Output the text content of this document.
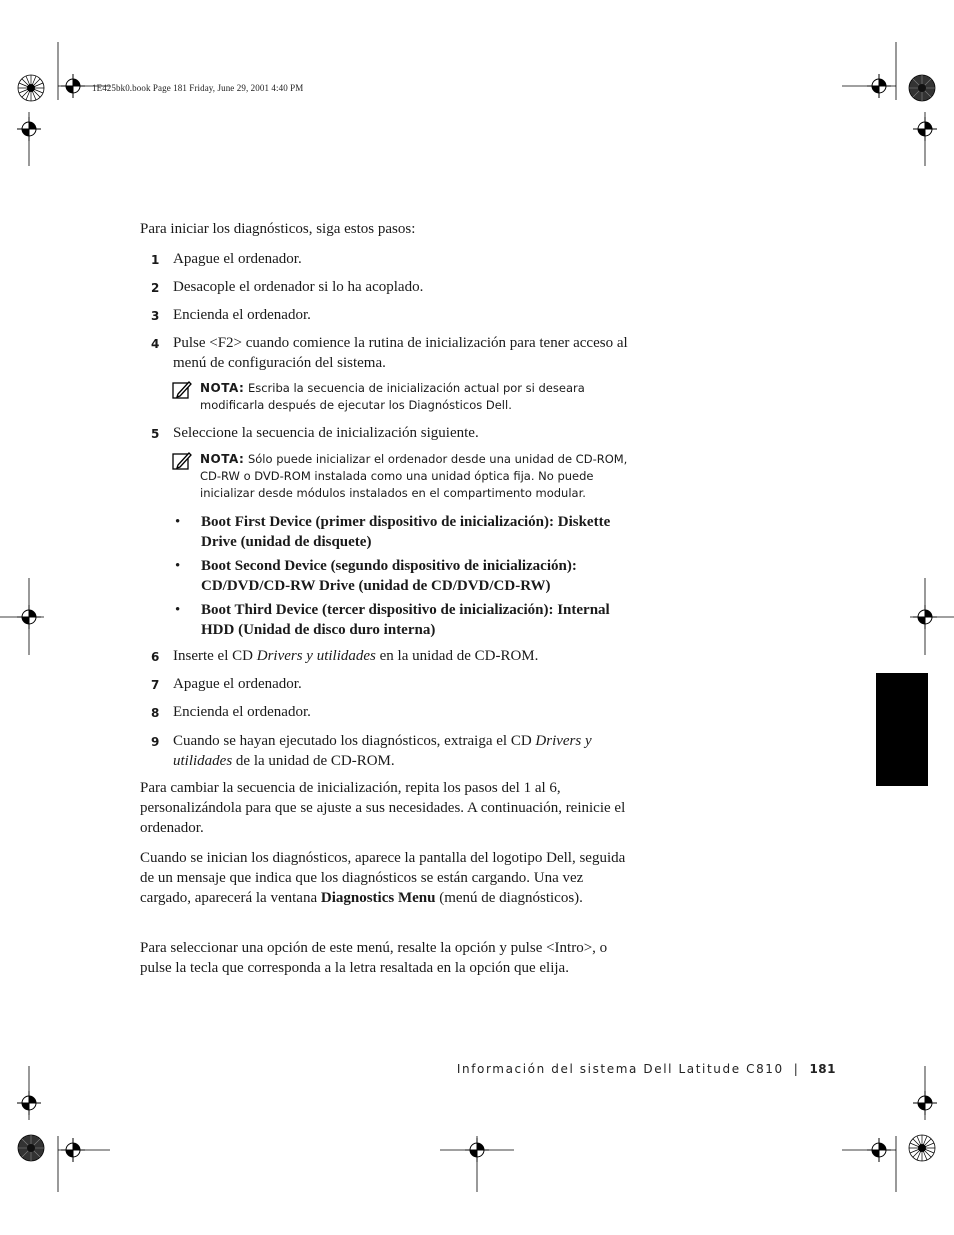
1E425bk0.book Page 181 Friday, June 29, 2001 4:40 PM
Para iniciar los diagnósticos, siga estos pasos:
1 Apague el ordenador.
2 Desacople el ordenador si lo ha acoplado.
3 Encienda el ordenador.
4 Pulse <F2> cuando comience la rutina de inicialización para tener acceso al menú de configuración del sistema.
NOTA: Escriba la secuencia de inicialización actual por si deseara modificarla después de ejecutar los Diagnósticos Dell.
5 Seleccione la secuencia de inicialización siguiente.
NOTA: Sólo puede inicializar el ordenador desde una unidad de CD-ROM, CD-RW o DVD-ROM instalada como una unidad óptica fija. No puede inicializar desde módulos instalados en el compartimento modular.
• Boot First Device (primer dispositivo de inicialización): Diskette Drive (unidad de disquete)
• Boot Second Device (segundo dispositivo de inicialización): CD/DVD/CD-RW Drive (unidad de CD/DVD/CD-RW)
• Boot Third Device (tercer dispositivo de inicialización): Internal HDD (Unidad de disco duro interna)
6 Inserte el CD Drivers y utilidades en la unidad de CD-ROM.
7 Apague el ordenador.
8 Encienda el ordenador.
9 Cuando se hayan ejecutado los diagnósticos, extraiga el CD Drivers y utilidades de la unidad de CD-ROM.
Para cambiar la secuencia de inicialización, repita los pasos del 1 al 6, personalizándola para que se ajuste a sus necesidades. A continuación, reinicie el ordenador.
Cuando se inician los diagnósticos, aparece la pantalla del logotipo Dell, seguida de un mensaje que indica que los diagnósticos se están cargando. Una vez cargado, aparecerá la ventana Diagnostics Menu (menú de diagnósticos).
Para seleccionar una opción de este menú, resalte la opción y pulse <Intro>, o pulse la tecla que corresponda a la letra resaltada en la opción que elija.
Información del sistema Dell Latitude C810 | 181
